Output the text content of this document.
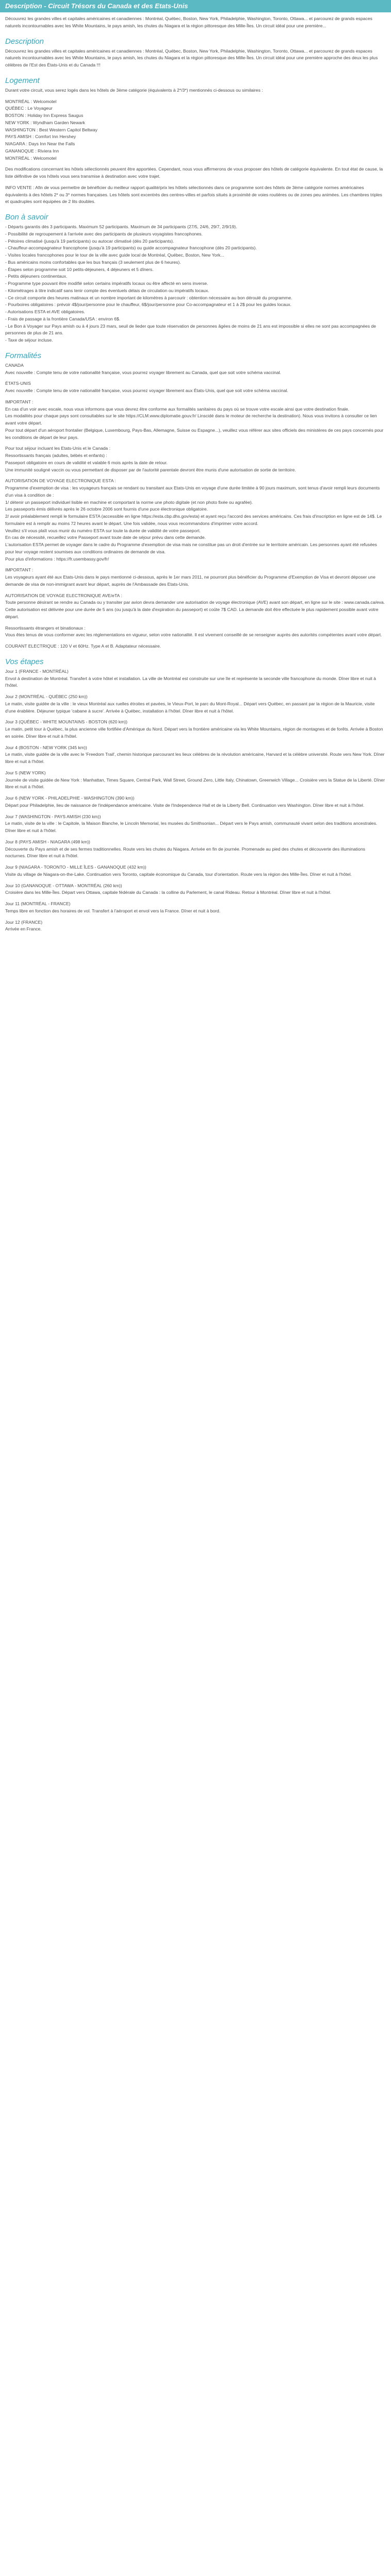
Description - Circuit Trésors du Canada et des Etats-Unis

Découvrez les grandes villes et capitales américaines et canadiennes : Montréal, Québec, Boston, New York, Philadelphie, Washington, Toronto, Ottawa... et parcourez de grands espaces naturels incontournables avec les White Mountains, le pays amish, les chutes du Niagara et la région pittoresque des Mille-Îles. Un circuit idéal pour une première...

Description

Découvrez les grandes villes et capitales américaines et canadiennes : Montréal, Québec, Boston, New York, Philadelphie, Washington, Toronto, Ottawa... et parcourez de grands espaces naturels incontournables avec les White Mountains, le pays amish, les chutes du Niagara et la région pittoresque des Mille-Îles. Un circuit idéal pour une première approche des deux les plus célèbres de l'Est des États-Unis et du Canada !!!

Logement

Durant votre circuit, vous serez logés dans les hôtels de 3ème catégorie (équivalents à 2*/3*) mentionnés ci-dessous ou similaires :

MONTRÉAL : Welcomotel
QUÉBEC : Le Voyageur
BOSTON : Holiday Inn Express Saugus
NEW YORK : Wyndham Garden Newark
WASHINGTON : Best Western Capitol Beltway
PAYS AMISH : Comfort Inn Hershey
NIAGARA : Days Inn Near the Falls
GANANOQUE : Riviera Inn
MONTRÉAL : Welcomotel

Des modifications concernant les hôtels sélectionnés peuvent être apportées. Cependant, nous vous affirmerons de vous proposer des hôtels de catégorie équivalente. En tout état de cause, la liste définitive de vos hôtels vous sera transmise à destination avec votre trajet.

INFO VENTE : Afin de vous permettre de bénéficier du meilleur rapport qualité/prix les hôtels sélectionnés dans ce programme sont des hôtels de 3ème catégorie normes américaines équivalents à des hôtels 2* ou 3* normes françaises. Les hôtels sont excentrés des centres-villes et parfois situés à proximité de voies routières ou de zones peu animées. Les chambres triples et quadruples sont équipées de 2 lits doubles.

Bon à savoir
- Départs garantis dès 3 participants. Maximum 52 participants. Maximum de 34 participants (27/5, 24/6, 29/7, 2/9/19).
- Possibilité de regroupement à l'arrivée avec des participants de plusieurs voyagistes francophones.
- Pétoires climatisé (jusqu'à 19 participants) ou autocar climatisé (dès 20 participants).
- Chauffeur-accompagnateur francophone (jusqu'à 19 participants) ou guide accompagnateur francophone (dès 20 participants).
- Visites locales francophones pour le tour de la ville avec guide local de Montréal, Québec, Boston, New York...
- Bus américains moins confortables que les bus français (3 seulement plus de 6 heures).
- Étapes selon programme soit 10 petits-déjeuners, 4 déjeuners et 5 dîners.
- Petits déjeuners continentaux.
- Programme type pouvant être modifié selon certains impératifs locaux ou être affecté en sens inverse.
- Kilométrages à titre indicatif sans tenir compte des éventuels délais de circulation ou impératifs locaux.
- Ce circuit comporte des heures matinaux et un nombre important de kilomètres à parcourir : obtention nécessaire au bon déroulé du programme.
- Pourboires obligatoires : prévoir 4$/jour/personne pour le chauffeur, 6$/jour/personne pour Co-accompagnateur et 1 à 2$ pour les guides locaux.
- Autorisations ESTA et AVE obligatoires.
- Frais de passage à la frontière Canada/USA : environ 6$.
- Le Bon à Voyager sur Pays amish ou à 4 jours 23 mars, seuil de lieder que toute réservation de personnes âgées de moins de 21 ans est impossible si elles ne sont pas accompagnées de personnes de plus de 21 ans.
- Taxe de séjour incluse.
Formalités
CANADA

Avec nouvelle : Compte tenu de votre nationalité française, vous pourrez voyager librement au Canada, quel que soit votre schéma vaccinal.

ÉTATS-UNIS

Avec nouvelle : Compte tenu de votre nationalité française, vous pourrez voyager librement aux États-Unis, quel que soit votre schéma vaccinal.

IMPORTANT :

En cas d'un voir avec escale, nous vous informons que vous devrez être conforme aux formalités sanitaires du pays où se trouve votre escale ainsi que votre destination finale.
Les modalités pour chaque pays sont consultables sur le site https://CLM.www.diplomatie.gouv.fr/ Linscidé dans le moteur de recherche la destination). Nous vous invitons à consulter ce lien avant votre départ.
Pour tout départ d'un aéroport frontalier (Belgique, Luxembourg, Pays-Bas, Allemagne, Suisse ou Espagne...), veuillez vous référer aux sites officiels des ministères de ces pays concernés pour les conditions de départ de leur pays.

Pour tout séjour incluant les Etats-Unis et le Canada :

Ressortissants français (adultes, bébés et enfants) :
Passeport obligatoire en cours de validité et valable 6 mois après la date de retour.
Une immunité souligné vaccin ou vous permettant de disposer par de l'autorité parentale devront être munis d'une autorisation de sortie de territoire.

AUTORISATION DE VOYAGE ELECTRONIQUE ESTA :

Programme d'exemption de visa : les voyageurs français se rendant ou transitant aux Etats-Unis en voyage d'une durée limitée à 90 jours maximum, sont tenus d'avoir rempli leurs documents d'un visa à condition de :
1/ détenir un passeport individuel lisible en machine et comportant la norme une photo digitale (et non photo fixée ou agrafée).
Les passeports émis délivrés après le 26 octobre 2006 sont fournis d'une puce électronique obligatoire.
2/ avoir préalablement rempli le formulaire ESTA (accessible en ligne https://esta.cbp.dhs.gov/esta) et ayant reçu l'accord des services américains. Ces frais d'inscription en ligne est de 14$. Le formulaire est à remplir au moins 72 heures avant le départ. Une fois validée, nous vous recommandons d'imprimer votre accord.
Veuillez s'il vous plaît vous munir du numéro ESTA sur toute la durée de validité de votre passeport.
En cas de nécessité, recueillez votre Passeport avant toute date de séjour prévu dans cette demande.
L'autorisation ESTA permet de voyager dans le cadre du Programme d'exemption de visa mais ne constitue pas un droit d'entrée sur le territoire américain. Les personnes ayant été refusées pour leur voyage restent soumises aux conditions ordinaires de demande de visa.
Pour plus d'informations : https://fr.usembassy.gov/fr/

IMPORTANT :

Les voyageurs ayant été aux Etats-Unis dans le pays mentionné ci-dessous, après le 1er mars 2011, ne pourront plus bénéficier du Programme d'Exemption de Visa et devront déposer une demande de visa de non-immigrant avant leur départ, auprès de l'Ambassade des Etats-Unis.

AUTORISATION DE VOYAGE ELECTRONIQUE AVE/eTA :

Toute personne désirant se rendre au Canada ou y transiter par avion devra demander une autorisation de voyage électronique (AVE) avant son départ, en ligne sur le site : www.canada.ca/eva.
Cette autorisation est délivrée pour une durée de 5 ans (ou jusqu'à la date d'expiration du passeport) et coûte 7$ CAD. La demande doit être effectuée le plus rapidement possible avant votre départ.

Ressortissants étrangers et binationaux :

Vous êtes tenus de vous conformer avec les réglementations en vigueur, selon votre nationalité. Il est vivement conseillé de se renseigner auprès des autorités compétentes avant votre départ.

COURANT ELECTRIQUE : 120 V et 60Hz. Type A et B. Adaptateur nécessaire.

Vos étapes
Jour 1 (FRANCE - MONTRÉAL)

Envol à destination de Montréal. Transfert à votre hôtel et installation. La ville de Montréal est construite sur une île et représente la seconde ville francophone du monde. Dîner libre et nuit à l'hôtel.

Jour 2 (MONTRÉAL - QUÉBEC (250 km))

Le matin, visite guidée de la ville : le vieux Montréal aux ruelles étroites et pavées, le Vieux-Port, le parc du Mont-Royal... Départ vers Québec, en passant par la région de la Mauricie, visite d'une érablière. Déjeuner typique 'cabane à sucre'. Arrivée à Québec, installation à l'hôtel. Dîner libre et nuit à l'hôtel.

Jour 3 (QUÉBEC - WHITE MOUNTAINS - BOSTON (620 km))

Le matin, petit tour à Québec, la plus ancienne ville fortifiée d'Amérique du Nord. Départ vers la frontière américaine via les White Mountains, région de montagnes et de forêts. Arrivée à Boston en soirée. Dîner libre et nuit à l'hôtel.

Jour 4 (BOSTON - NEW YORK (345 km))

Le matin, visite guidée de la ville avec le 'Freedom Trail', chemin historique parcourant les lieux célèbres de la révolution américaine, Harvard et la célèbre université. Route vers New York. Dîner libre et nuit à l'hôtel.

Jour 5 (NEW YORK)

Journée de visite guidée de New York : Manhattan, Times Square, Central Park, Wall Street, Ground Zero, Little Italy, Chinatown, Greenwich Village... Croisière vers la Statue de la Liberté. Dîner libre et nuit à l'hôtel.

Jour 6 (NEW YORK - PHILADELPHIE - WASHINGTON (390 km))

Départ pour Philadelphie, lieu de naissance de l'indépendance américaine. Visite de l'Independence Hall et de la Liberty Bell. Continuation vers Washington. Dîner libre et nuit à l'hôtel.

Jour 7 (WASHINGTON - PAYS AMISH (230 km))

Le matin, visite de la ville : le Capitole, la Maison Blanche, le Lincoln Memorial, les musées du Smithsonian... Départ vers le Pays amish, communauté vivant selon des traditions ancestrales. Dîner libre et nuit à l'hôtel.

Jour 8 (PAYS AMISH - NIAGARA (498 km))

Découverte du Pays amish et de ses fermes traditionnelles. Route vers les chutes du Niagara. Arrivée en fin de journée. Promenade au pied des chutes et découverte des illuminations nocturnes. Dîner libre et nuit à l'hôtel.

Jour 9 (NIAGARA - TORONTO - MILLE ÎLES - GANANOQUE (432 km))

Visite du village de Niagara-on-the-Lake. Continuation vers Toronto, capitale économique du Canada, tour d'orientation. Route vers la région des Mille-Îles. Dîner et nuit à l'hôtel.

Jour 10 (GANANOQUE - OTTAWA - MONTRÉAL (260 km))

Croisière dans les Mille-Îles. Départ vers Ottawa, capitale fédérale du Canada : la colline du Parlement, le canal Rideau. Retour à Montréal. Dîner libre et nuit à l'hôtel.

Jour 11 (MONTRÉAL - FRANCE)

Temps libre en fonction des horaires de vol. Transfert à l'aéroport et envol vers la France. Dîner et nuit à bord.

Jour 12 (FRANCE)

Arrivée en France.
